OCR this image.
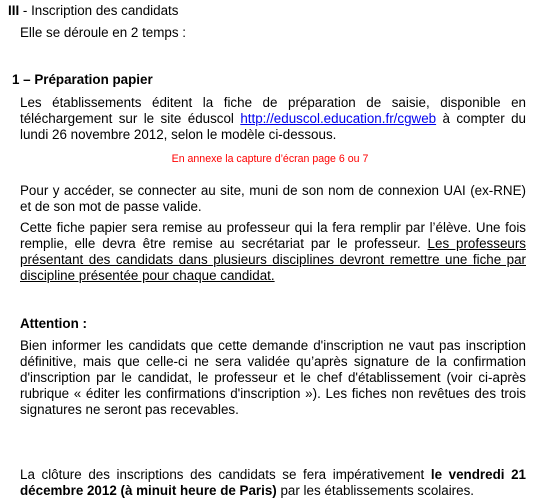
III - Inscription des candidats
Elle se déroule en 2 temps :
1 – Préparation papier

Les établissements éditent la fiche de préparation de saisie, disponible en téléchargement sur le site éduscol http://eduscol.education.fr/cgweb à compter du lundi 26 novembre 2012, selon le modèle ci-dessous.

En annexe la capture d’écran page 6 ou 7

Pour y accéder, se connecter au site, muni de son nom de connexion UAI (ex-RNE) et de son mot de passe valide.

Cette fiche papier sera remise au professeur qui la fera remplir par l’élève. Une fois remplie, elle devra être remise au secrétariat par le professeur. Les professeurs présentant des candidats dans plusieurs disciplines devront remettre une fiche par discipline présentée pour chaque candidat.

Attention :

Bien informer les candidats que cette demande d'inscription ne vaut pas inscription définitive, mais que celle-ci ne sera validée qu’après signature de la confirmation d'inscription par le candidat, le professeur et le chef d'établissement (voir ci-après rubrique « éditer les confirmations d'inscription »). Les fiches non revêtues des trois signatures ne seront pas recevables.

La clôture des inscriptions des candidats se fera impérativement le vendredi 21 décembre 2012 (à minuit heure de Paris) par les établissements scolaires.
